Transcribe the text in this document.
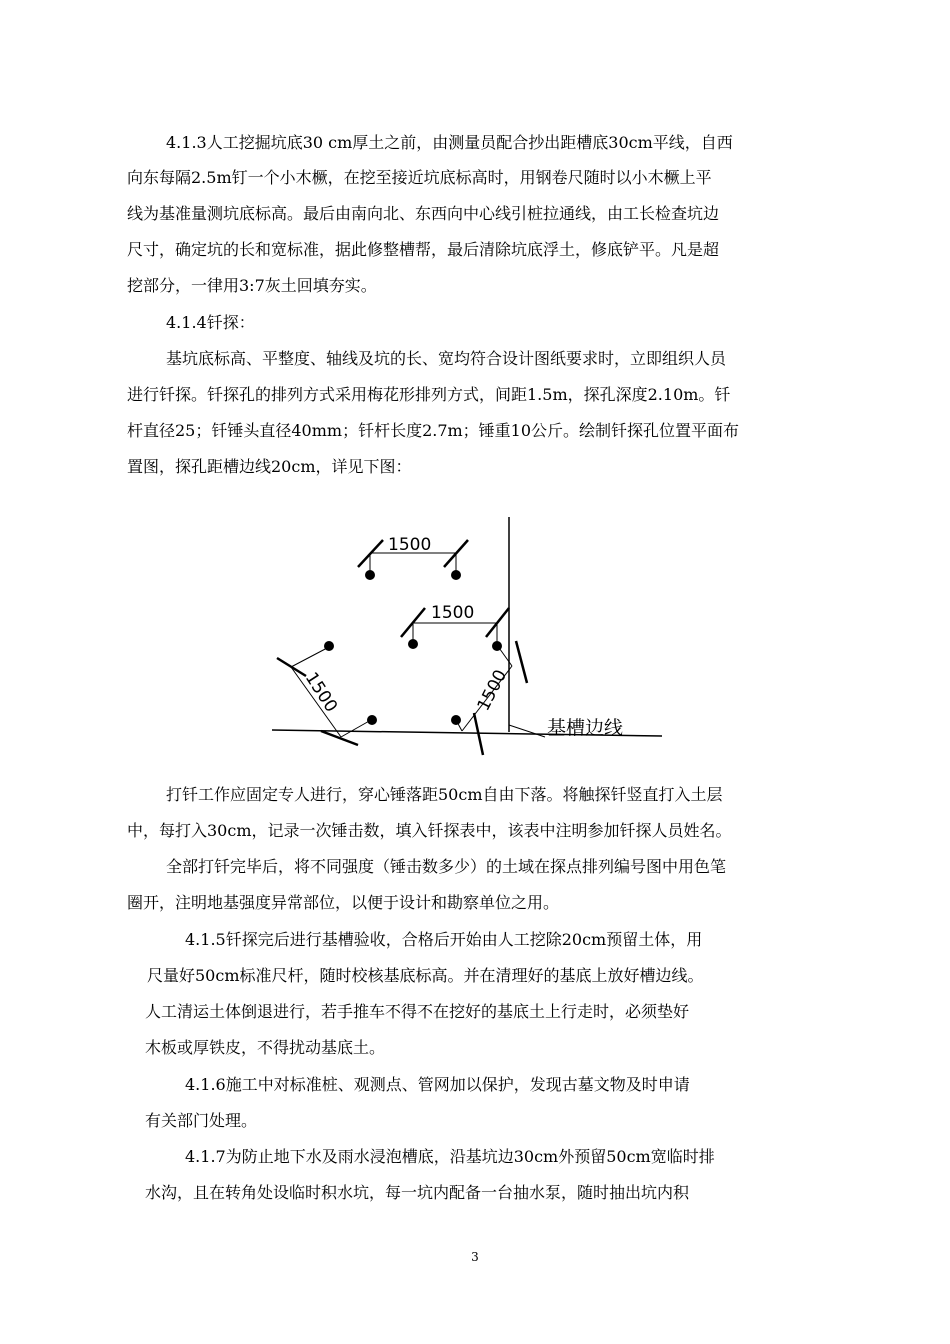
4.1.3人工挖掘坑底30 cm厚土之前，由测量员配合抄出距槽底30cm平线，自西
向东每隔2.5m钉一个小木橛，在挖至接近坑底标高时，用钢卷尺随时以小木橛上平
线为基准量测坑底标高。最后由南向北、东西向中心线引桩拉通线，由工长检查坑边
尺寸，确定坑的长和宽标准，据此修整槽帮，最后清除坑底浮土，修底铲平。凡是超
挖部分，一律用3:7灰土回填夯实。
4.1.4钎探：
基坑底标高、平整度、轴线及坑的长、宽均符合设计图纸要求时，立即组织人员
进行钎探。钎探孔的排列方式采用梅花形排列方式，间距1.5m，探孔深度2.10m。钎
杆直径25；钎锤头直径40mm；钎杆长度2.7m；锤重10公斤。绘制钎探孔位置平面布
置图，探孔距槽边线20cm，详见下图：
1500
1500
1500	1500
基槽边线
打钎工作应固定专人进行，穿心锤落距50cm自由下落。将触探钎竖直打入土层
中，每打入30cm，记录一次锤击数，填入钎探表中，该表中注明参加钎探人员姓名。
全部打钎完毕后，将不同强度（锤击数多少）的土域在探点排列编号图中用色笔
圈开，注明地基强度异常部位，以便于设计和勘察单位之用。
4.1.5钎探完后进行基槽验收，合格后开始由人工挖除20cm预留土体，用
尺量好50cm标准尺杆，随时校核基底标高。并在清理好的基底上放好槽边线。
人工清运土体倒退进行，若手推车不得不在挖好的基底土上行走时，必须垫好
木板或厚铁皮，不得扰动基底土。
4.1.6施工中对标准桩、观测点、管网加以保护，发现古墓文物及时申请
有关部门处理。
4.1.7为防止地下水及雨水浸泡槽底，沿基坑边30cm外预留50cm宽临时排
水沟，且在转角处设临时积水坑，每一坑内配备一台抽水泵，随时抽出坑内积
3
